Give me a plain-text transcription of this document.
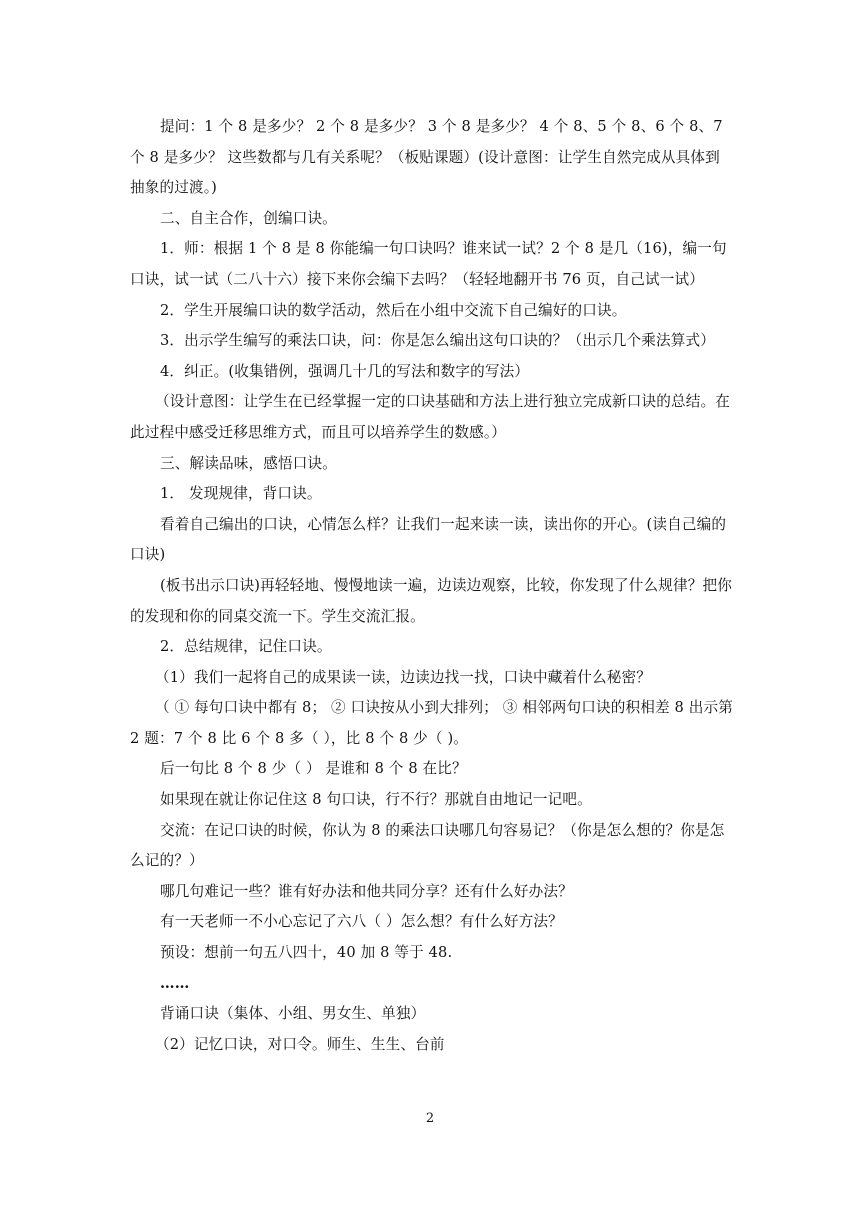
提问：1 个 8 是多少？ 2 个 8 是多少？ 3 个 8 是多少？ 4 个 8、5 个 8、6 个 8、7 个 8 是多少？ 这些数都与几有关系呢？（板贴课题）(设计意图：让学生自然完成从具体到抽象的过渡。)

二、自主合作，创编口诀。

1．师：根据 1 个 8 是 8 你能编一句口诀吗？谁来试一试？2 个 8 是几（16)，编一句口诀，试一试（二八十六）接下来你会编下去吗？（轻轻地翻开书 76 页，自己试一试）

2．学生开展编口诀的数学活动，然后在小组中交流下自己编好的口诀。

3．出示学生编写的乘法口诀，问：你是怎么编出这句口诀的？（出示几个乘法算式）

4．纠正。(收集错例，强调几十几的写法和数字的写法）

（设计意图：让学生在已经掌握一定的口诀基础和方法上进行独立完成新口诀的总结。在此过程中感受迁移思维方式，而且可以培养学生的数感。）

三、解读品味，感悟口诀。

1． 发现规律，背口诀。

看着自己编出的口诀，心情怎么样？让我们一起来读一读，读出你的开心。(读自己编的口诀)

(板书出示口诀)再轻轻地、慢慢地读一遍，边读边观察，比较，你发现了什么规律？把你的发现和你的同桌交流一下。学生交流汇报。

2．总结规律，记住口诀。

（1）我们一起将自己的成果读一读，边读边找一找，口诀中藏着什么秘密？

（ ① 每句口诀中都有 8； ② 口诀按从小到大排列； ③ 相邻两句口诀的积相差 8 出示第 2 题：7 个 8 比 6 个 8 多（ ），比 8 个 8 少（ )。

后一句比 8 个 8 少（ ） 是谁和 8 个 8 在比？

如果现在就让你记住这 8 句口诀，行不行？那就自由地记一记吧。

交流：在记口诀的时候，你认为 8 的乘法口诀哪几句容易记？（你是怎么想的？你是怎么记的？）

哪几句难记一些？谁有好办法和他共同分享？还有什么好办法？

有一天老师一不小心忘记了六八（ ）怎么想？有什么好方法？

预设：想前一句五八四十，40 加 8 等于 48.

……

背诵口诀（集体、小组、男女生、单独）

（2）记忆口诀，对口令。师生、生生、台前

2
